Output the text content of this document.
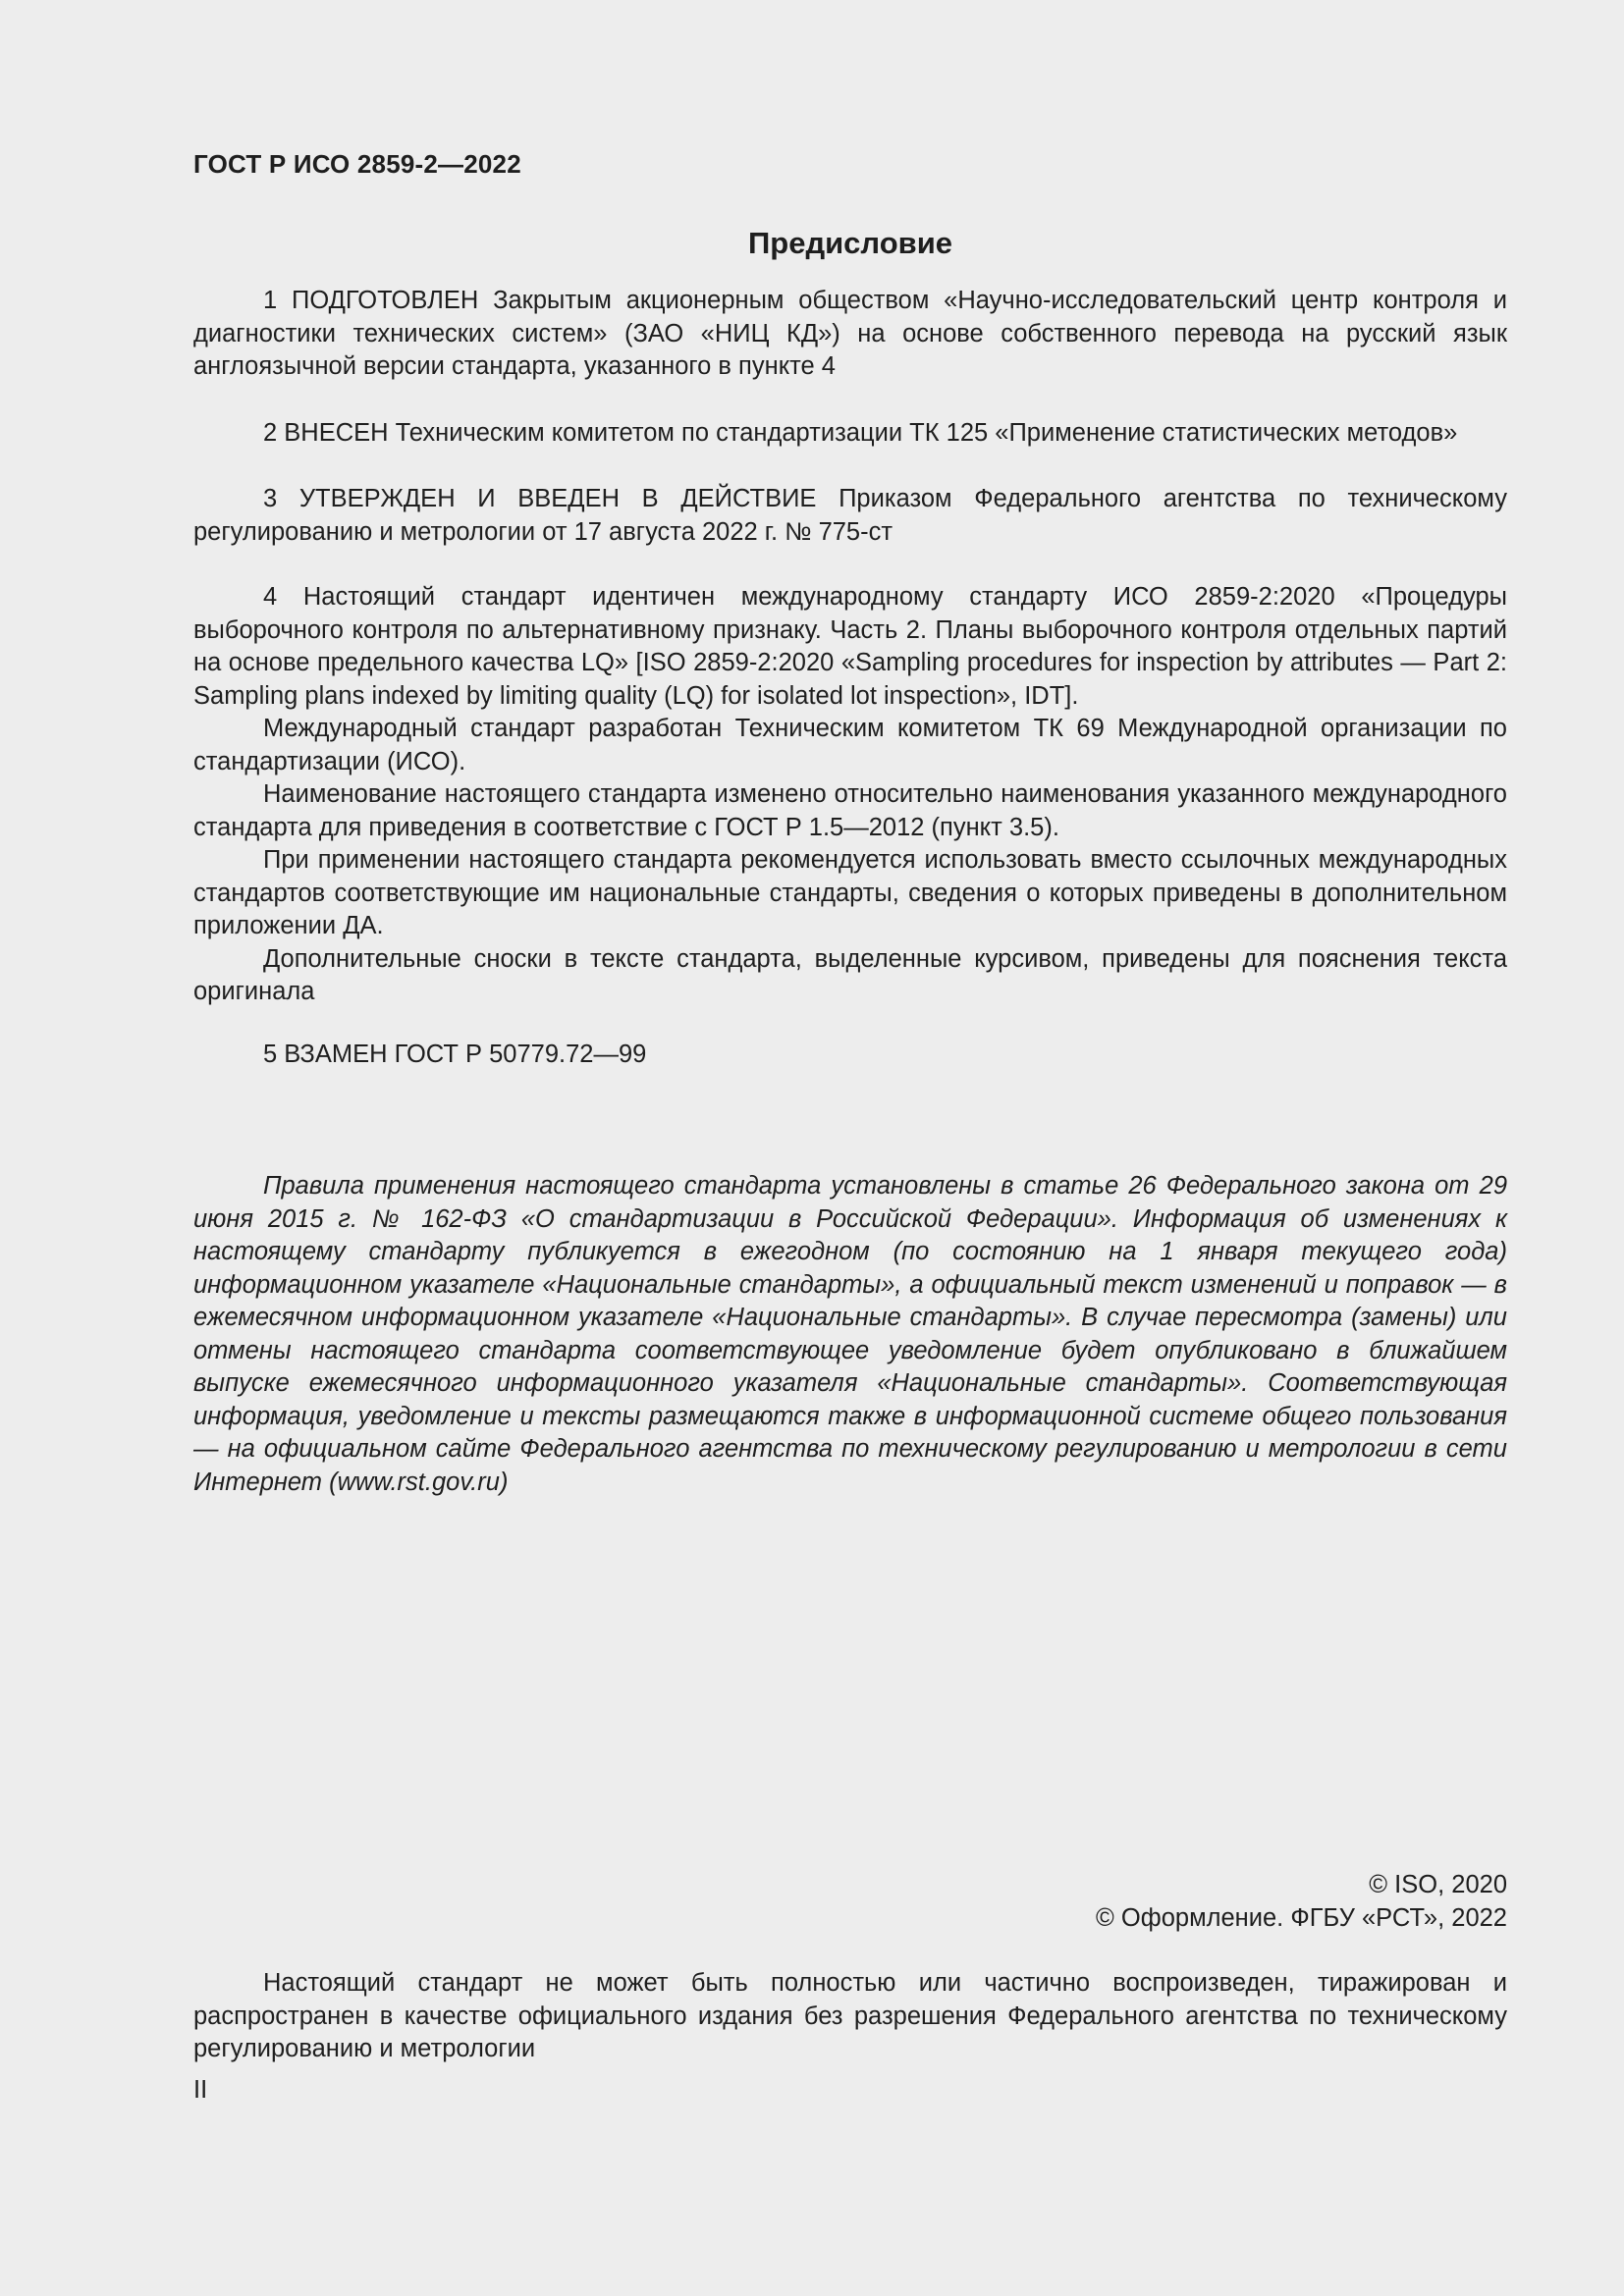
ГОСТ Р ИСО 2859-2—2022
Предисловие

1 ПОДГОТОВЛЕН Закрытым акционерным обществом «Научно-исследовательский центр контроля и диагностики технических систем» (ЗАО «НИЦ КД») на основе собственного перевода на русский язык англоязычной версии стандарта, указанного в пункте 4

2 ВНЕСЕН Техническим комитетом по стандартизации ТК 125 «Применение статистических методов»

3 УТВЕРЖДЕН И ВВЕДЕН В ДЕЙСТВИЕ Приказом Федерального агентства по техническому регулированию и метрологии от 17 августа 2022 г. № 775-ст

4 Настоящий стандарт идентичен международному стандарту ИСО 2859-2:2020 «Процедуры выборочного контроля по альтернативному признаку. Часть 2. Планы выборочного контроля отдельных партий на основе предельного качества LQ» [ISO 2859-2:2020 «Sampling procedures for inspection by attributes — Part 2: Sampling plans indexed by limiting quality (LQ) for isolated lot inspection», IDT].

Международный стандарт разработан Техническим комитетом ТК 69 Международной организации по стандартизации (ИСО).

Наименование настоящего стандарта изменено относительно наименования указанного международного стандарта для приведения в соответствие с ГОСТ Р 1.5—2012 (пункт 3.5).

При применении настоящего стандарта рекомендуется использовать вместо ссылочных международных стандартов соответствующие им национальные стандарты, сведения о которых приведены в дополнительном приложении ДА.

Дополнительные сноски в тексте стандарта, выделенные курсивом, приведены для пояснения текста оригинала

5 ВЗАМЕН ГОСТ Р 50779.72—99

Правила применения настоящего стандарта установлены в статье 26 Федерального закона от 29 июня 2015 г. № 162-ФЗ «О стандартизации в Российской Федерации». Информация об изменениях к настоящему стандарту публикуется в ежегодном (по состоянию на 1 января текущего года) информационном указателе «Национальные стандарты», а официальный текст изменений и поправок — в ежемесячном информационном указателе «Национальные стандарты». В случае пересмотра (замены) или отмены настоящего стандарта соответствующее уведомление будет опубликовано в ближайшем выпуске ежемесячного информационного указателя «Национальные стандарты». Соответствующая информация, уведомление и тексты размещаются также в информационной системе общего пользования — на официальном сайте Федерального агентства по техническому регулированию и метрологии в сети Интернет (www.rst.gov.ru)

© ISO, 2020

© Оформление. ФГБУ «РСТ», 2022

Настоящий стандарт не может быть полностью или частично воспроизведен, тиражирован и распространен в качестве официального издания без разрешения Федерального агентства по техническому регулированию и метрологии

II
